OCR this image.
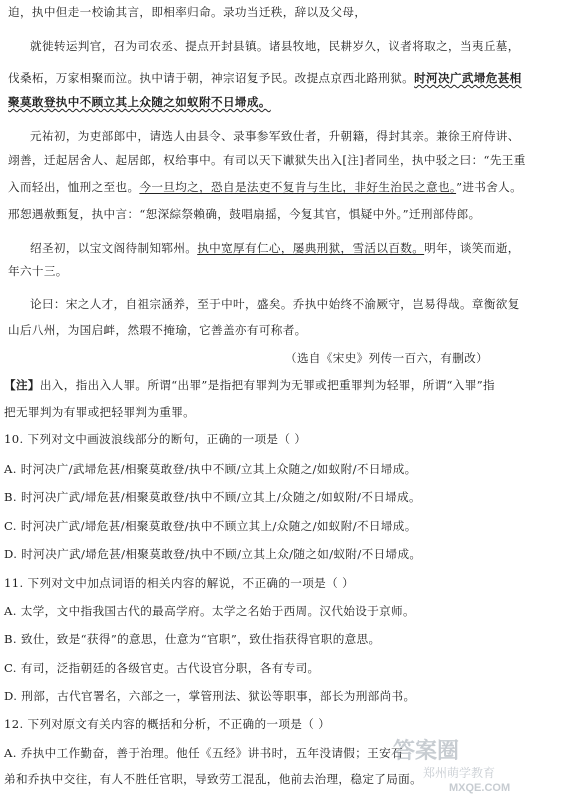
迫，执中但走一校谕其言，即相率归命。录功当迁秩，辞以及父母，
就徙转运判官，召为司农丞、提点开封县镇。诸县牧地，民耕岁久，议者将取之，当夷丘墓，
伐桑柘，万家相聚而泣。执中请于朝，神宗诏复予民。改提点京西北路刑狱。时河决广武埽危甚相
聚莫敢登执中不顾立其上众随之如蚁附不日埽成。
元祐初，为吏部郎中，请选人由县令、录事参军致仕者，升朝籍，得封其亲。兼徐王府侍讲、
翊善，迁起居舍人、起居郎，权给事中。有司以天下谳狱失出入[注]者同坐，执中驳之曰：“先王重
入而轻出，恤刑之至也。今一旦均之，恐自是法吏不复肯与生比，非好生治民之意也。”进书舍人。
邢恕遇赦甄复，执中言：“恕深綜祭賴确，鼓唱扇摇，今复其官，惧疑中外。”迁刑部侍郎。
绍圣初，以宝文阁待制知郓州。执中宽厚有仁心，屡典刑狱，雪活以百数。明年，谈笑而逝，
年六十三。
论曰：宋之人才，自祖宗涵养，至于中叶，盛矣。乔执中始终不渝厥守，岂易得哉。章衡欲复
山后八州，为国启衅，然瑕不掩瑜，它善盖亦有可称者。
（选自《宋史》列传一百六，有删改）
【注】出入，指出入人罪。所谓“出罪”是指把有罪判为无罪或把重罪判为轻罪，所谓“入罪”指
把无罪判为有罪或把轻罪判为重罪。
10. 下列对文中画波浪线部分的断句，正确的一项是（ ）
A. 时河决广/武埽危甚/相聚莫敢登/执中不顾/立其上众随之/如蚁附/不日埽成。
B. 时河决广武/埽危甚/相聚莫敢登/执中不顾/立其上/众随之/如蚁附/不日埽成。
C. 时河决广武/埽危甚/相聚莫敢登/执中不顾立其上/众随之/如蚁附/不日埽成。
D. 时河决广武/埽危甚/相聚莫敢登/执中不顾/立其上众/随之如/蚁附/不日埽成。
11. 下列对文中加点词语的相关内容的解说，不正确的一项是（ ）
A. 太学，文中指我国古代的最高学府。太学之名始于西周。汉代始设于京师。
B. 致仕，致是“获得”的意思，仕意为“官职”，致仕指获得官职的意思。
C. 有司，泛指朝廷的各级官吏。古代设官分职，各有专司。
D. 刑部，古代官署名，六部之一，掌管刑法、狱讼等职事，部长为刑部尚书。
12. 下列对原文有关内容的概括和分析，不正确的一项是（ ）
A. 乔执中工作勤奋，善于治理。他任《五经》讲书时，五年没请假；王安石
弟和乔执中交往，有人不胜任官职，导致劳工混乱，他前去治理，稳定了局面。
答案圈
郑州萌学教育
MXQE.COM
